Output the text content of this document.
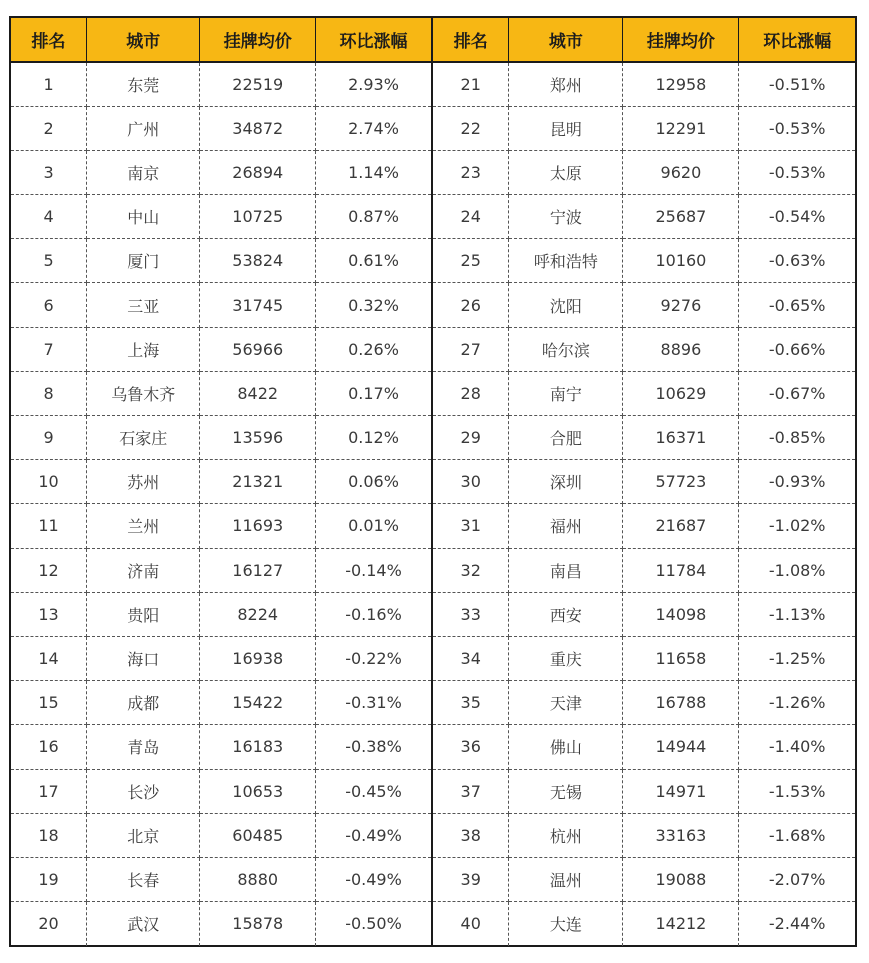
排名	城市	挂牌均价	环比涨幅
1	东莞	22519	2.93%
2	广州	34872	2.74%
3	南京	26894	1.14%
4	中山	10725	0.87%
5	厦门	53824	0.61%
6	三亚	31745	0.32%
7	上海	56966	0.26%
8	乌鲁木齐	8422	0.17%
9	石家庄	13596	0.12%
10	苏州	21321	0.06%
11	兰州	11693	0.01%
12	济南	16127	-0.14%
13	贵阳	8224	-0.16%
14	海口	16938	-0.22%
15	成都	15422	-0.31%
16	青岛	16183	-0.38%
17	长沙	10653	-0.45%
18	北京	60485	-0.49%
19	长春	8880	-0.49%
20	武汉	15878	-0.50%
排名	城市	挂牌均价	环比涨幅
21	郑州	12958	-0.51%
22	昆明	12291	-0.53%
23	太原	9620	-0.53%
24	宁波	25687	-0.54%
25	呼和浩特	10160	-0.63%
26	沈阳	9276	-0.65%
27	哈尔滨	8896	-0.66%
28	南宁	10629	-0.67%
29	合肥	16371	-0.85%
30	深圳	57723	-0.93%
31	福州	21687	-1.02%
32	南昌	11784	-1.08%
33	西安	14098	-1.13%
34	重庆	11658	-1.25%
35	天津	16788	-1.26%
36	佛山	14944	-1.40%
37	无锡	14971	-1.53%
38	杭州	33163	-1.68%
39	温州	19088	-2.07%
40	大连	14212	-2.44%
